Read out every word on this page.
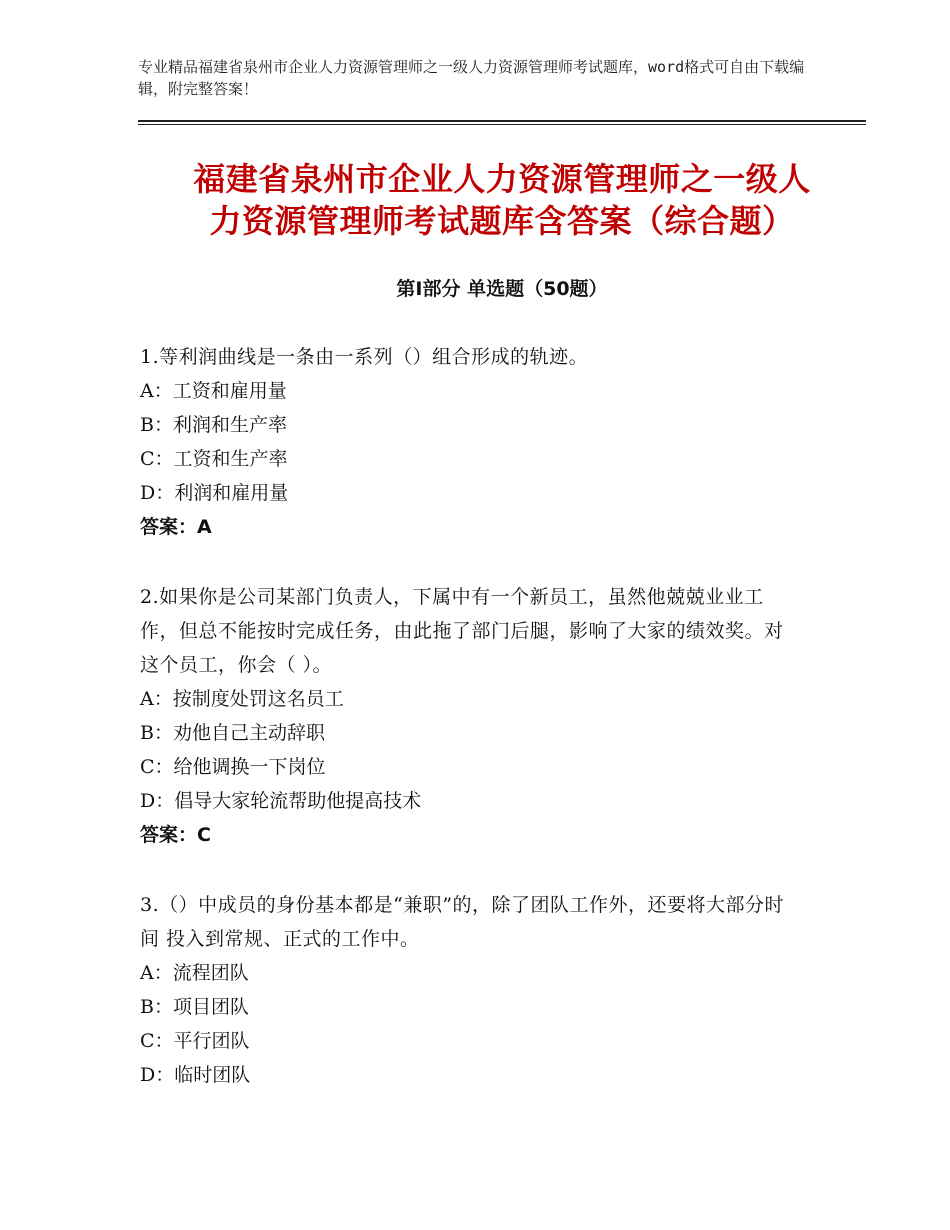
专业精品福建省泉州市企业人力资源管理师之一级人力资源管理师考试题库，word格式可自由下载编辑，附完整答案！
福建省泉州市企业人力资源管理师之一级人
力资源管理师考试题库含答案（综合题）
第Ⅰ部分 单选题（50题）

1.等利润曲线是一条由一系列（）组合形成的轨迹。

A：工资和雇用量

B：利润和生产率

C：工资和生产率

D：利润和雇用量

答案：A

2.如果你是公司某部门负责人，下属中有一个新员工，虽然他兢兢业业工作，但总不能按时完成任务，由此拖了部门后腿，影响了大家的绩效奖。对这个员工，你会（ ）。

A：按制度处罚这名员工

B：劝他自己主动辞职

C：给他调换一下岗位

D：倡导大家轮流帮助他提高技术

答案：C

3.（）中成员的身份基本都是“兼职”的，除了团队工作外，还要将大部分时间 投入到常规、正式的工作中。

A：流程团队

B：项目团队

C：平行团队

D：临时团队
